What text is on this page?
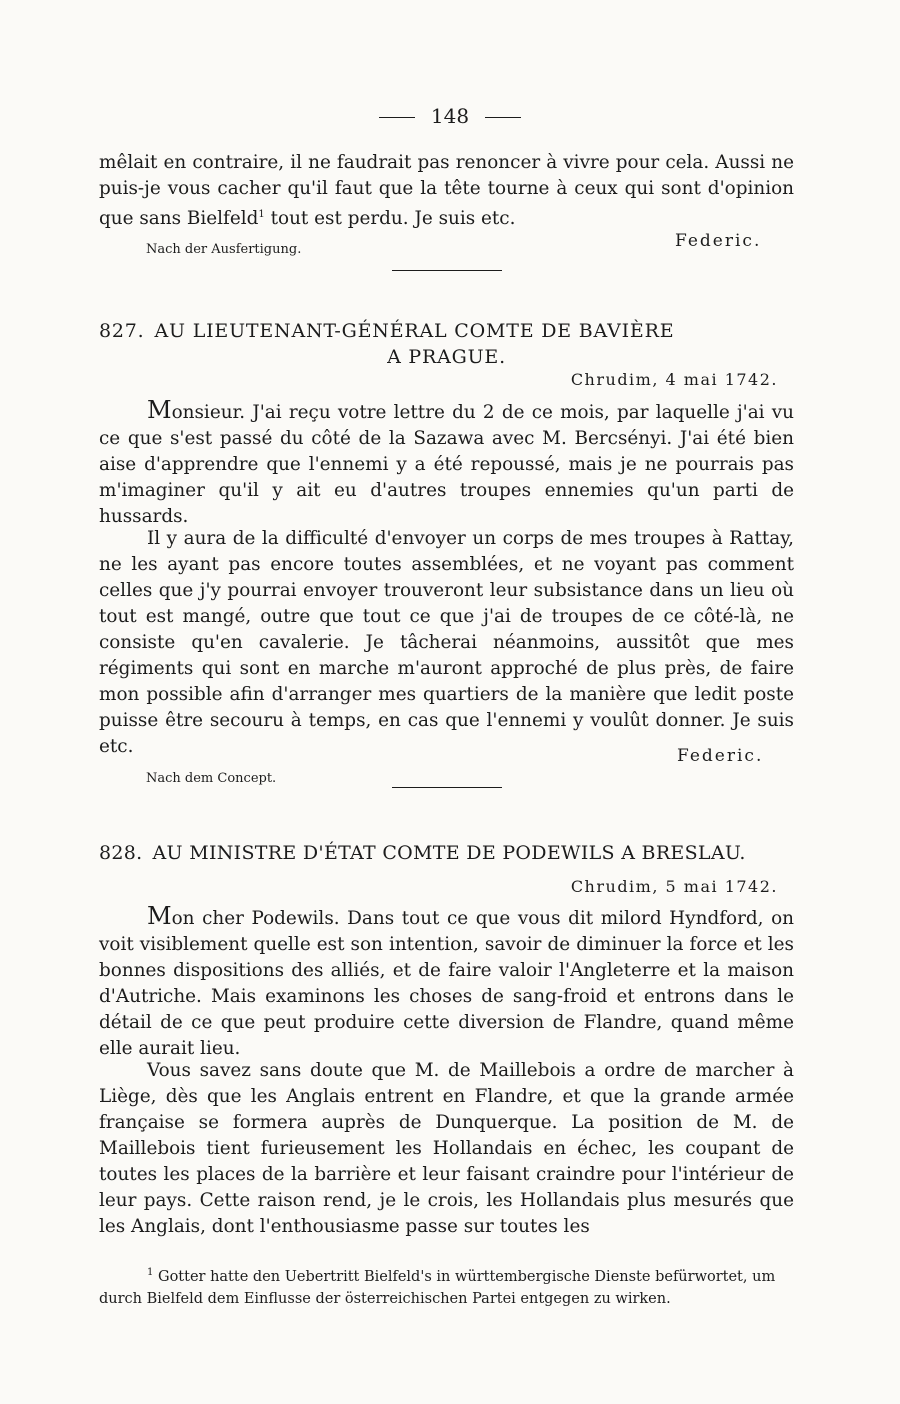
148

mêlait en contraire, il ne faudrait pas renoncer à vivre pour cela. Aussi ne puis-je vous cacher qu'il faut que la tête tourne à ceux qui sont d'opinion que sans Bielfeld$^1$ tout est perdu. Je suis etc.

Nach der Ausfertigung.	Federic.
827. AU LIEUTENANT-GÉNÉRAL COMTE DE BAVIÈRE
A PRAGUE.
Chrudim, 4 mai 1742.

Monsieur. J'ai reçu votre lettre du 2 de ce mois, par laquelle j'ai vu ce que s'est passé du côté de la Sazawa avec M. Bercsényi. J'ai été bien aise d'apprendre que l'ennemi y a été repoussé, mais je ne pourrais pas m'imaginer qu'il y ait eu d'autres troupes ennemies qu'un parti de hussards.

Il y aura de la difficulté d'envoyer un corps de mes troupes à Rattay, ne les ayant pas encore toutes assemblées, et ne voyant pas comment celles que j'y pourrai envoyer trouveront leur subsistance dans un lieu où tout est mangé, outre que tout ce que j'ai de troupes de ce côté-là, ne consiste qu'en cavalerie. Je tâcherai néanmoins, aussitôt que mes régiments qui sont en marche m'auront approché de plus près, de faire mon possible afin d'arranger mes quartiers de la manière que ledit poste puisse être secouru à temps, en cas que l'ennemi y voulût donner. Je suis etc.	Federic.
Nach dem Concept.
828. AU MINISTRE D'ÉTAT COMTE DE PODEWILS A BRESLAU.
Chrudim, 5 mai 1742.

Mon cher Podewils. Dans tout ce que vous dit milord Hyndford, on voit visiblement quelle est son intention, savoir de diminuer la force et les bonnes dispositions des alliés, et de faire valoir l'Angleterre et la maison d'Autriche. Mais examinons les choses de sang-froid et entrons dans le détail de ce que peut produire cette diversion de Flandre, quand même elle aurait lieu.

Vous savez sans doute que M. de Maillebois a ordre de marcher à Liège, dès que les Anglais entrent en Flandre, et que la grande armée française se formera auprès de Dunquerque. La position de M. de Maillebois tient furieusement les Hollandais en échec, les coupant de toutes les places de la barrière et leur faisant craindre pour l'intérieur de leur pays. Cette raison rend, je le crois, les Hollandais plus mesurés que les Anglais, dont l'enthousiasme passe sur toutes les

$^1$ Gotter hatte den Uebertritt Bielfeld's in württembergische Dienste befürwortet, um durch Bielfeld dem Einflusse der österreichischen Partei entgegen zu wirken.
